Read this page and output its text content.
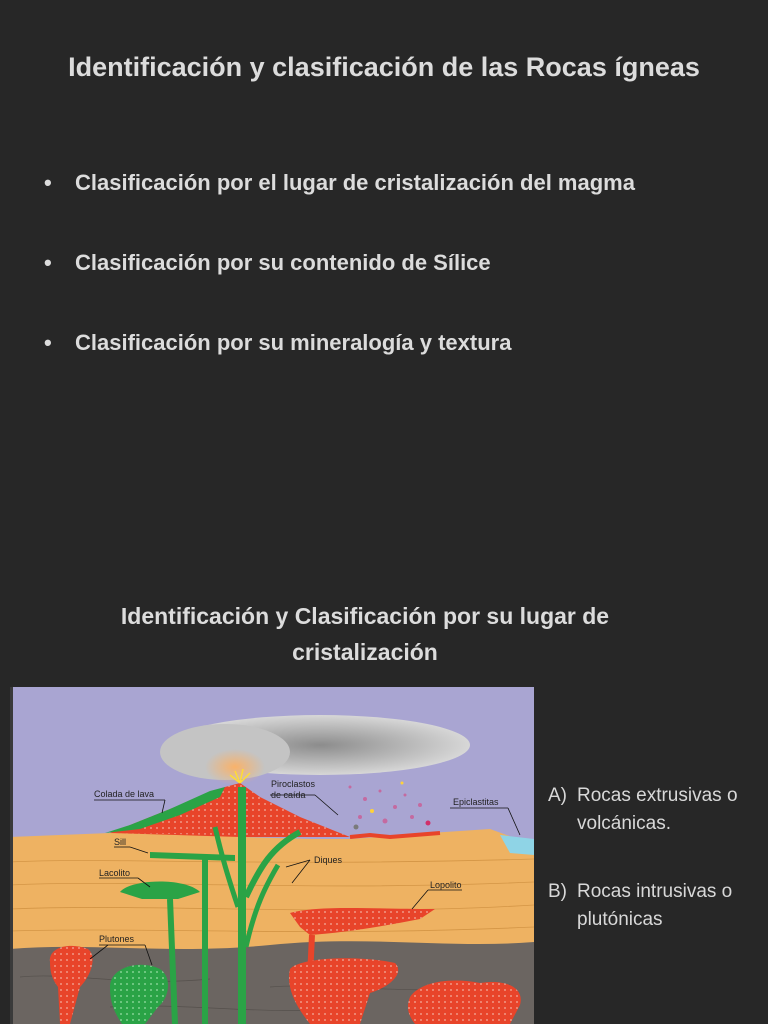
Identificación y clasificación de las Rocas ígneas
• Clasificación por el lugar de cristalización del magma
• Clasificación por su contenido de Sílice
• Clasificación por su mineralogía y textura
Identificación y Clasificación por su lugar de
cristalización
Colada de lava
Piroclastos
de caída
Epiclastitas
Sill
Diques
Lacolito
Lopolito
Plutones
A) Rocas extrusivas o volcánicas.
B) Rocas intrusivas o plutónicas
